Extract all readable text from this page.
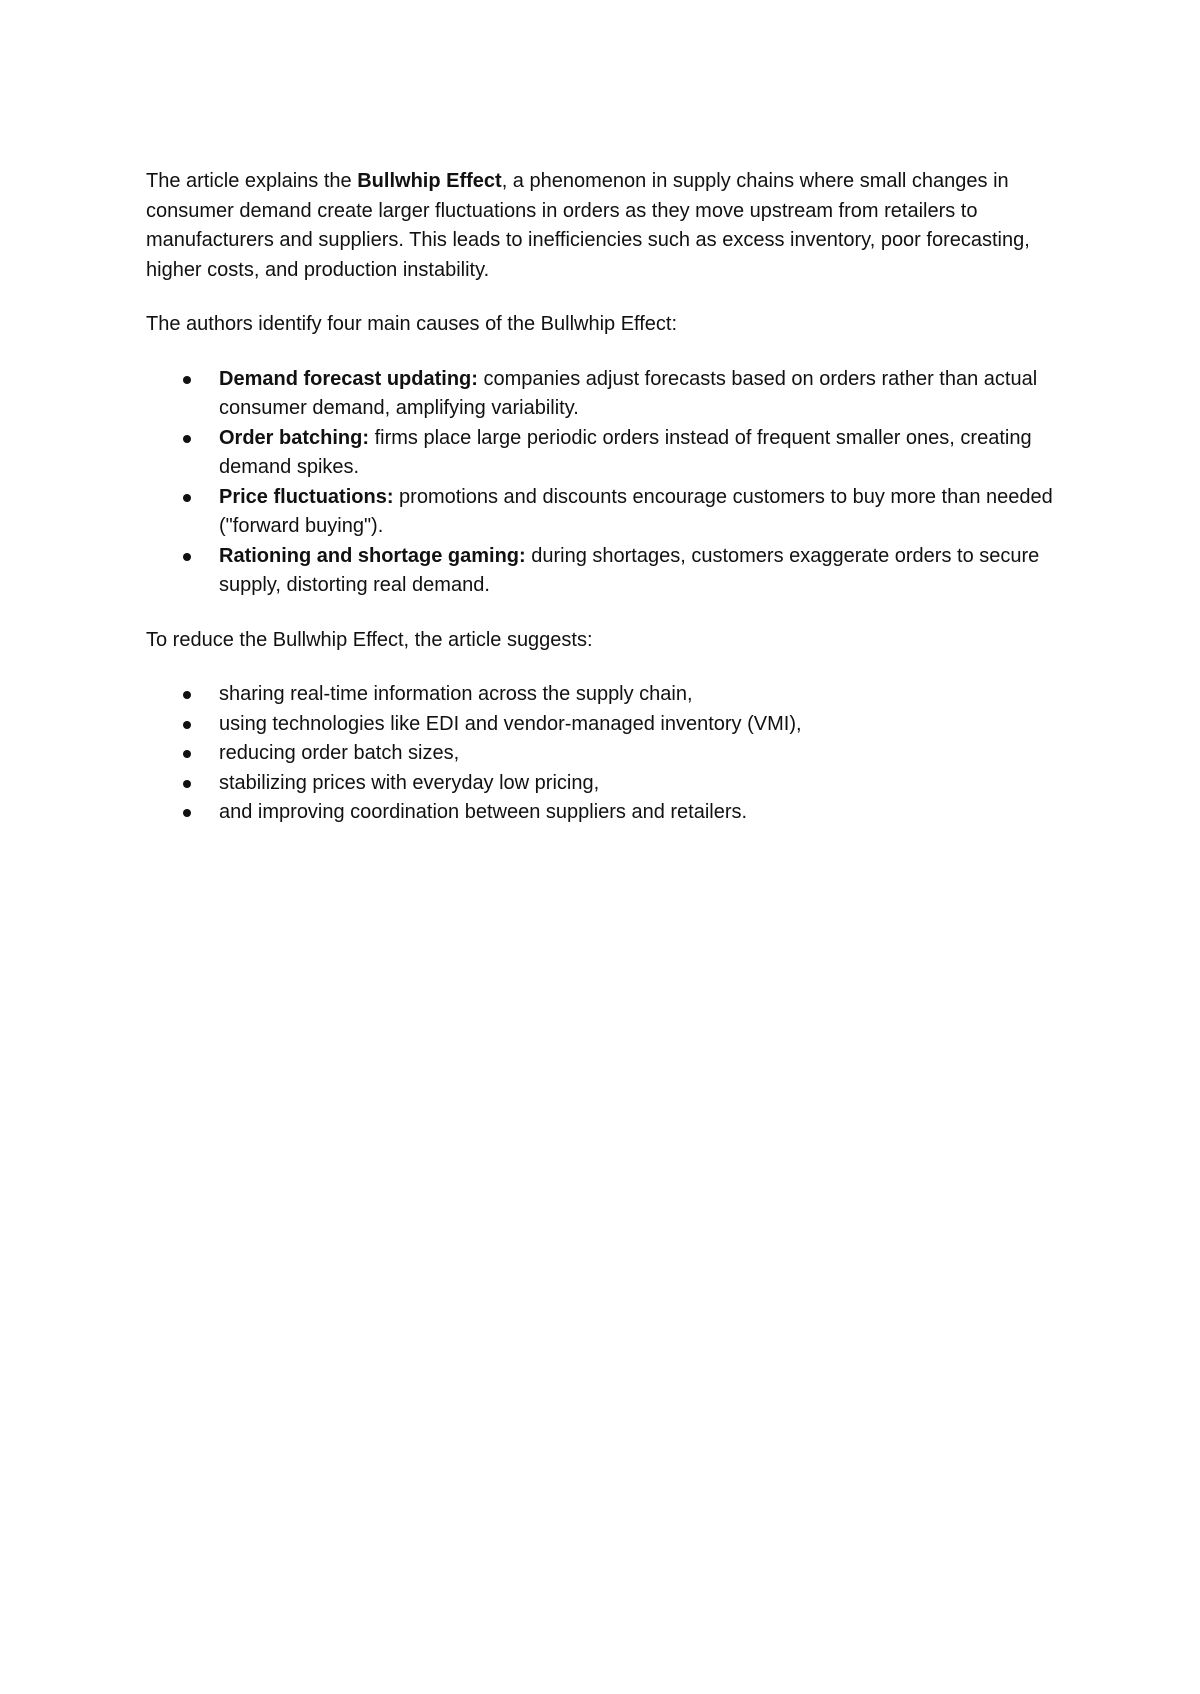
The article explains the Bullwhip Effect, a phenomenon in supply chains where small changes in consumer demand create larger fluctuations in orders as they move upstream from retailers to manufacturers and suppliers. This leads to inefficiencies such as excess inventory, poor forecasting, higher costs, and production instability.

The authors identify four main causes of the Bullwhip Effect:

Demand forecast updating: companies adjust forecasts based on orders rather than actual consumer demand, amplifying variability.
Order batching: firms place large periodic orders instead of frequent smaller ones, creating demand spikes.
Price fluctuations: promotions and discounts encourage customers to buy more than needed ("forward buying").
Rationing and shortage gaming: during shortages, customers exaggerate orders to secure supply, distorting real demand.

To reduce the Bullwhip Effect, the article suggests:

sharing real-time information across the supply chain,
using technologies like EDI and vendor-managed inventory (VMI),
reducing order batch sizes,
stabilizing prices with everyday low pricing,
and improving coordination between suppliers and retailers.
